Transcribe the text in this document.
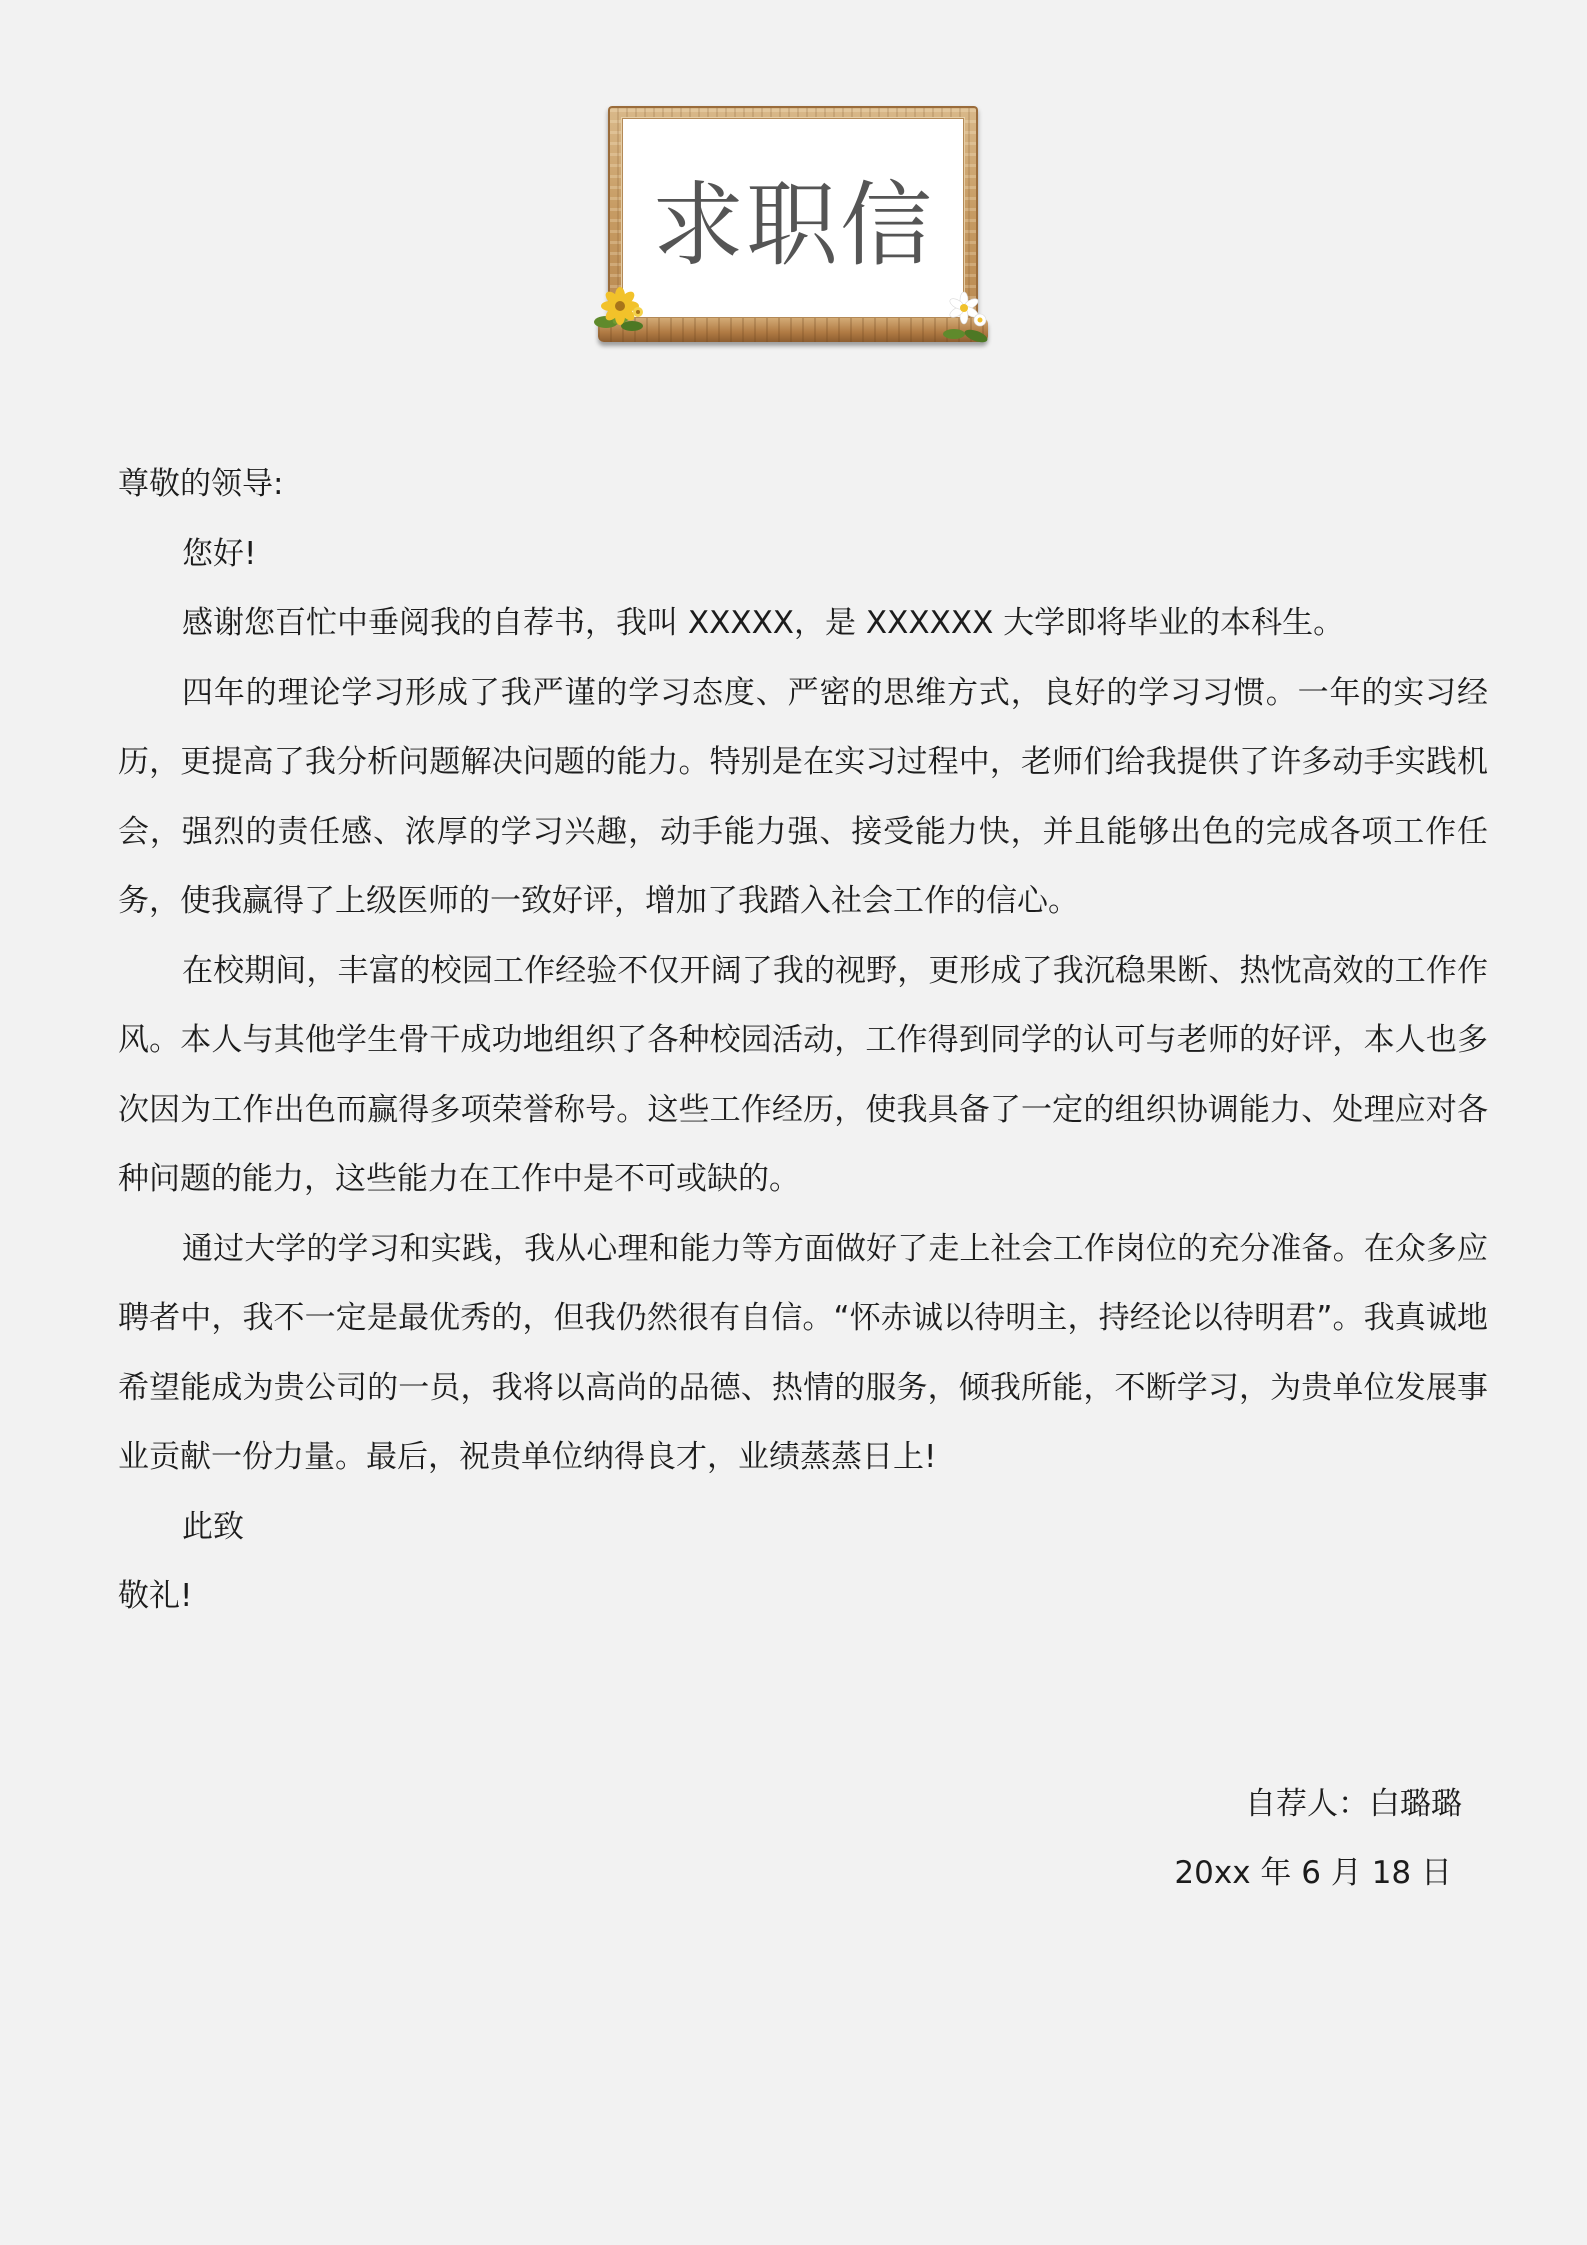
求职信

尊敬的领导:

您好!

感谢您百忙中垂阅我的自荐书，我叫 XXXXX，是 XXXXXX 大学即将毕业的本科生。

四年的理论学习形成了我严谨的学习态度、严密的思维方式，良好的学习习惯。一年的实习经历，更提高了我分析问题解决问题的能力。特别是在实习过程中，老师们给我提供了许多动手实践机会，强烈的责任感、浓厚的学习兴趣，动手能力强、接受能力快，并且能够出色的完成各项工作任务，使我赢得了上级医师的一致好评，增加了我踏入社会工作的信心。

在校期间，丰富的校园工作经验不仅开阔了我的视野，更形成了我沉稳果断、热忱高效的工作作风。本人与其他学生骨干成功地组织了各种校园活动，工作得到同学的认可与老师的好评，本人也多次因为工作出色而赢得多项荣誉称号。这些工作经历，使我具备了一定的组织协调能力、处理应对各种问题的能力，这些能力在工作中是不可或缺的。

通过大学的学习和实践，我从心理和能力等方面做好了走上社会工作岗位的充分准备。在众多应聘者中，我不一定是最优秀的，但我仍然很有自信。“怀赤诚以待明主，持经论以待明君”。我真诚地希望能成为贵公司的一员，我将以高尚的品德、热情的服务，倾我所能，不断学习，为贵单位发展事业贡献一份力量。最后，祝贵单位纳得良才，业绩蒸蒸日上!

此致

敬礼!

自荐人：白璐璐
20xx 年 6 月 18 日
